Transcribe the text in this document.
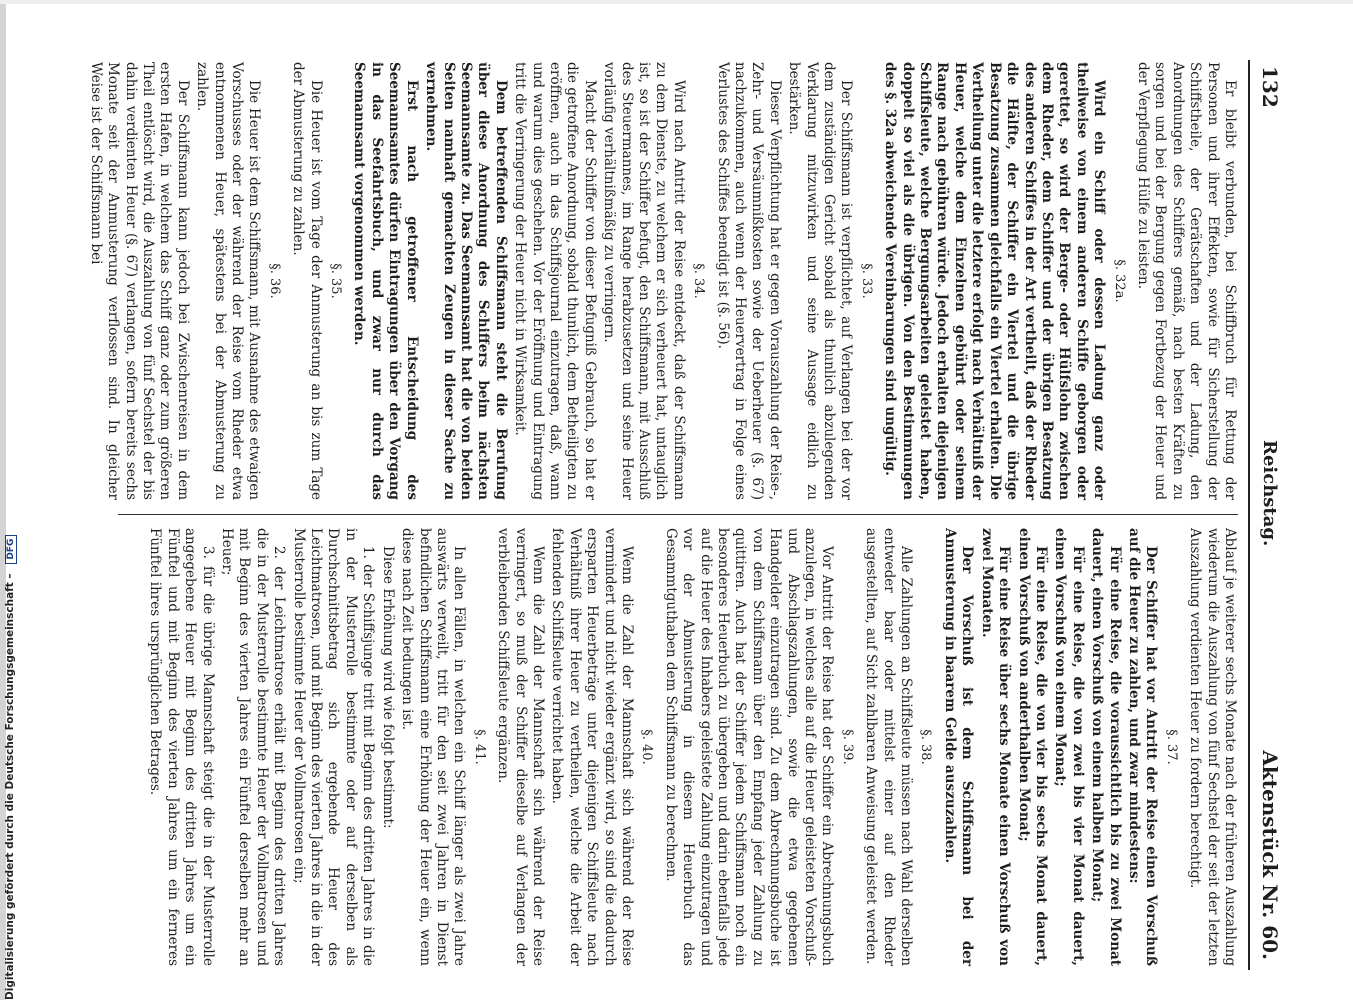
132
Reichstag.
Aktenstück Nr. 60.

Er bleibt verbunden, bei Schiffbruch für Rettung der Personen und ihrer Effekten, sowie für Sicherstellung der Schiffstheile, der Gerätschaften und der Ladung, den Anordnungen des Schiffers gemäß, nach besten Kräften zu sorgen und bei der Bergung gegen Fortbezug der Heuer und der Verpflegung Hülfe zu leisten.

§. 32a.

Wird ein Schiff oder dessen Ladung ganz oder theilweise von einem anderen Schiffe geborgen oder gerettet, so wird der Berge- oder Hülfslohn zwischen dem Rheder, dem Schiffer und der übrigen Besatzung des anderen Schiffes in der Art vertheilt, daß der Rheder die Hälfte, der Schiffer ein Viertel und die übrige Besatzung zusammen gleichfalls ein Viertel erhalten. Die Vertheilung unter die letztere erfolgt nach Verhältniß der Heuer, welche dem Einzelnen gebührt oder seinem Range nach gebühren würde. Jedoch erhalten diejenigen Schiffsleute, welche Bergungsarbeiten geleistet haben, doppelt so viel als die übrigen. Von den Bestimmungen des §. 32a abweichende Vereinbarungen sind ungültig.

§. 33.

Der Schiffsmann ist verpflichtet, auf Verlangen bei der vor dem zuständigen Gericht sobald als thunlich abzulegenden Verklarung mitzuwirken und seine Aussage eidlich zu bestärken.

Dieser Verpflichtung hat er gegen Vorauszahlung der Reise-, Zehr- und Versäumnißkosten sowie der Ueberheuer (§. 67) nachzukommen, auch wenn der Heuervertrag in Folge eines Verlustes des Schiffes beendigt ist (§. 56).

§. 34.

Wird nach Antritt der Reise entdeckt, daß der Schiffsmann zu dem Dienste, zu welchem er sich verheuert hat, untauglich ist, so ist der Schiffer befugt, den Schiffsmann, mit Ausschluß des Steuermannes, im Range herabzusetzen und seine Heuer vorläufig verhältnißmäßig zu verringern.

Macht der Schiffer von dieser Befugniß Gebrauch, so hat er die getroffene Anordnung, sobald thunlich, dem Betheiligten zu eröffnen, auch in das Schiffsjournal einzutragen, daß, wann und warum dies geschehen. Vor der Eröffnung und Eintragung tritt die Verringerung der Heuer nicht in Wirksamkeit.

Dem betreffenden Schiffsmann steht die Berufung über diese Anordnung des Schiffers beim nächsten Seemannsamte zu. Das Seemannsamt hat die von beiden Seiten namhaft gemachten Zeugen in dieser Sache zu vernehmen.

Erst nach getroffener Entscheidung des Seemannsamtes dürfen Eintragungen über den Vorgang in das Seefahrtsbuch, und zwar nur durch das Seemannsamt vorgenommen werden.

§. 35.

Die Heuer ist vom Tage der Anmusterung an bis zum Tage der Abmusterung zu zahlen.

§. 36.

Die Heuer ist dem Schiffsmann, mit Ausnahme des etwaigen Vorschusses oder der während der Reise vom Rheder etwa entnommenen Heuer, spätestens bei der Abmusterung zu zahlen.

Der Schiffsmann kann jedoch bei Zwischenreisen in dem ersten Hafen, in welchem das Schiff ganz oder zum größeren Theil entlöscht wird, die Auszahlung von fünf Sechstel der bis dahin verdienten Heuer (§. 67) verlangen, sofern bereits sechs Monate seit der Anmusterung verflossen sind. In gleicher Weise ist der Schiffsmann bei

Ablauf je weiterer sechs Monate nach der früheren Auszahlung wiederum die Auszahlung von fünf Sechstel der seit der letzten Auszahlung verdienten Heuer zu fordern berechtigt.

§. 37.

Der Schiffer hat vor Antritt der Reise einen Vorschuß auf die Heuer zu zahlen, und zwar mindestens:

Für eine Reise, die voraussichtlich bis zu zwei Monat dauert, einen Vorschuß von einem halben Monat;

Für eine Reise, die von zwei bis vier Monat dauert, einen Vorschuß von einem Monat;

Für eine Reise, die von vier bis sechs Monat dauert, einen Vorschuß von anderthalben Monat;

Für eine Reise über sechs Monate einen Vorschuß von zwei Monaten.

Der Vorschuß ist dem Schiffsmann bei der Anmusterung in baarem Gelde auszuzahlen.

§. 38.

Alle Zahlungen an Schiffsleute müssen nach Wahl derselben entweder baar oder mittelst einer auf den Rheder ausgestellten, auf Sicht zahlbaren Anweisung geleistet werden.

§. 39.

Vor Antritt der Reise hat der Schiffer ein Abrechnungsbuch anzulegen, in welches alle auf die Heuer geleisteten Vorschuß- und Abschlagszahlungen, sowie die etwa gegebenen Handgelder einzutragen sind. Zu dem Abrechnungsbuche ist von dem Schiffsmann über den Empfang jeder Zahlung zu quittiren. Auch hat der Schiffer jedem Schiffsmann noch ein besonderes Heuerbuch zu übergeben und darin ebenfalls jede auf die Heuer des Inhabers geleistete Zahlung einzutragen und vor der Abmusterung in diesem Heuerbuch das Gesammtguthaben dem Schiffsmann zu berechnen.

§. 40.

Wenn die Zahl der Mannschaft sich während der Reise vermindert und nicht wieder ergänzt wird, so sind die dadurch ersparten Heuerbeträge unter diejenigen Schiffsleute nach Verhältniß ihrer Heuer zu vertheilen, welche die Arbeit der fehlenden Schiffsleute verrichtet haben.

Wenn die Zahl der Mannschaft sich während der Reise verringert, so muß der Schiffer dieselbe auf Verlangen der verbleibenden Schiffsleute ergänzen.

§. 41.

In allen Fällen, in welchen ein Schiff länger als zwei Jahre auswärts verweilt, tritt für den seit zwei Jahren in Dienst befindlichen Schiffsmann eine Erhöhung der Heuer ein, wenn diese nach Zeit bedungen ist.

Diese Erhöhung wird wie folgt bestimmt:

1. der Schiffsjunge tritt mit Beginn des dritten Jahres in die in der Musterrolle bestimmte oder auf derselben als Durchschnittsbetrag sich ergebende Heuer des Leichtmatrosen, und mit Beginn des vierten Jahres in die in der Musterrolle bestimmte Heuer der Vollmatrosen ein;

2. der Leichtmatrose erhält mit Beginn des dritten Jahres die in der Musterrolle bestimmte Heuer der Vollmatrosen und mit Beginn des vierten Jahres ein Fünftel derselben mehr an Heuer;

3. für die übrige Mannschaft steigt die in der Musterrolle angegebene Heuer mit Beginn des dritten Jahres um ein Fünftel und mit Beginn des vierten Jahres um ein ferneres Fünftel ihres ursprünglichen Betrages.

Digitalisierung gefördert durch die Deutsche Forschungsgemeinschaft – DFG
